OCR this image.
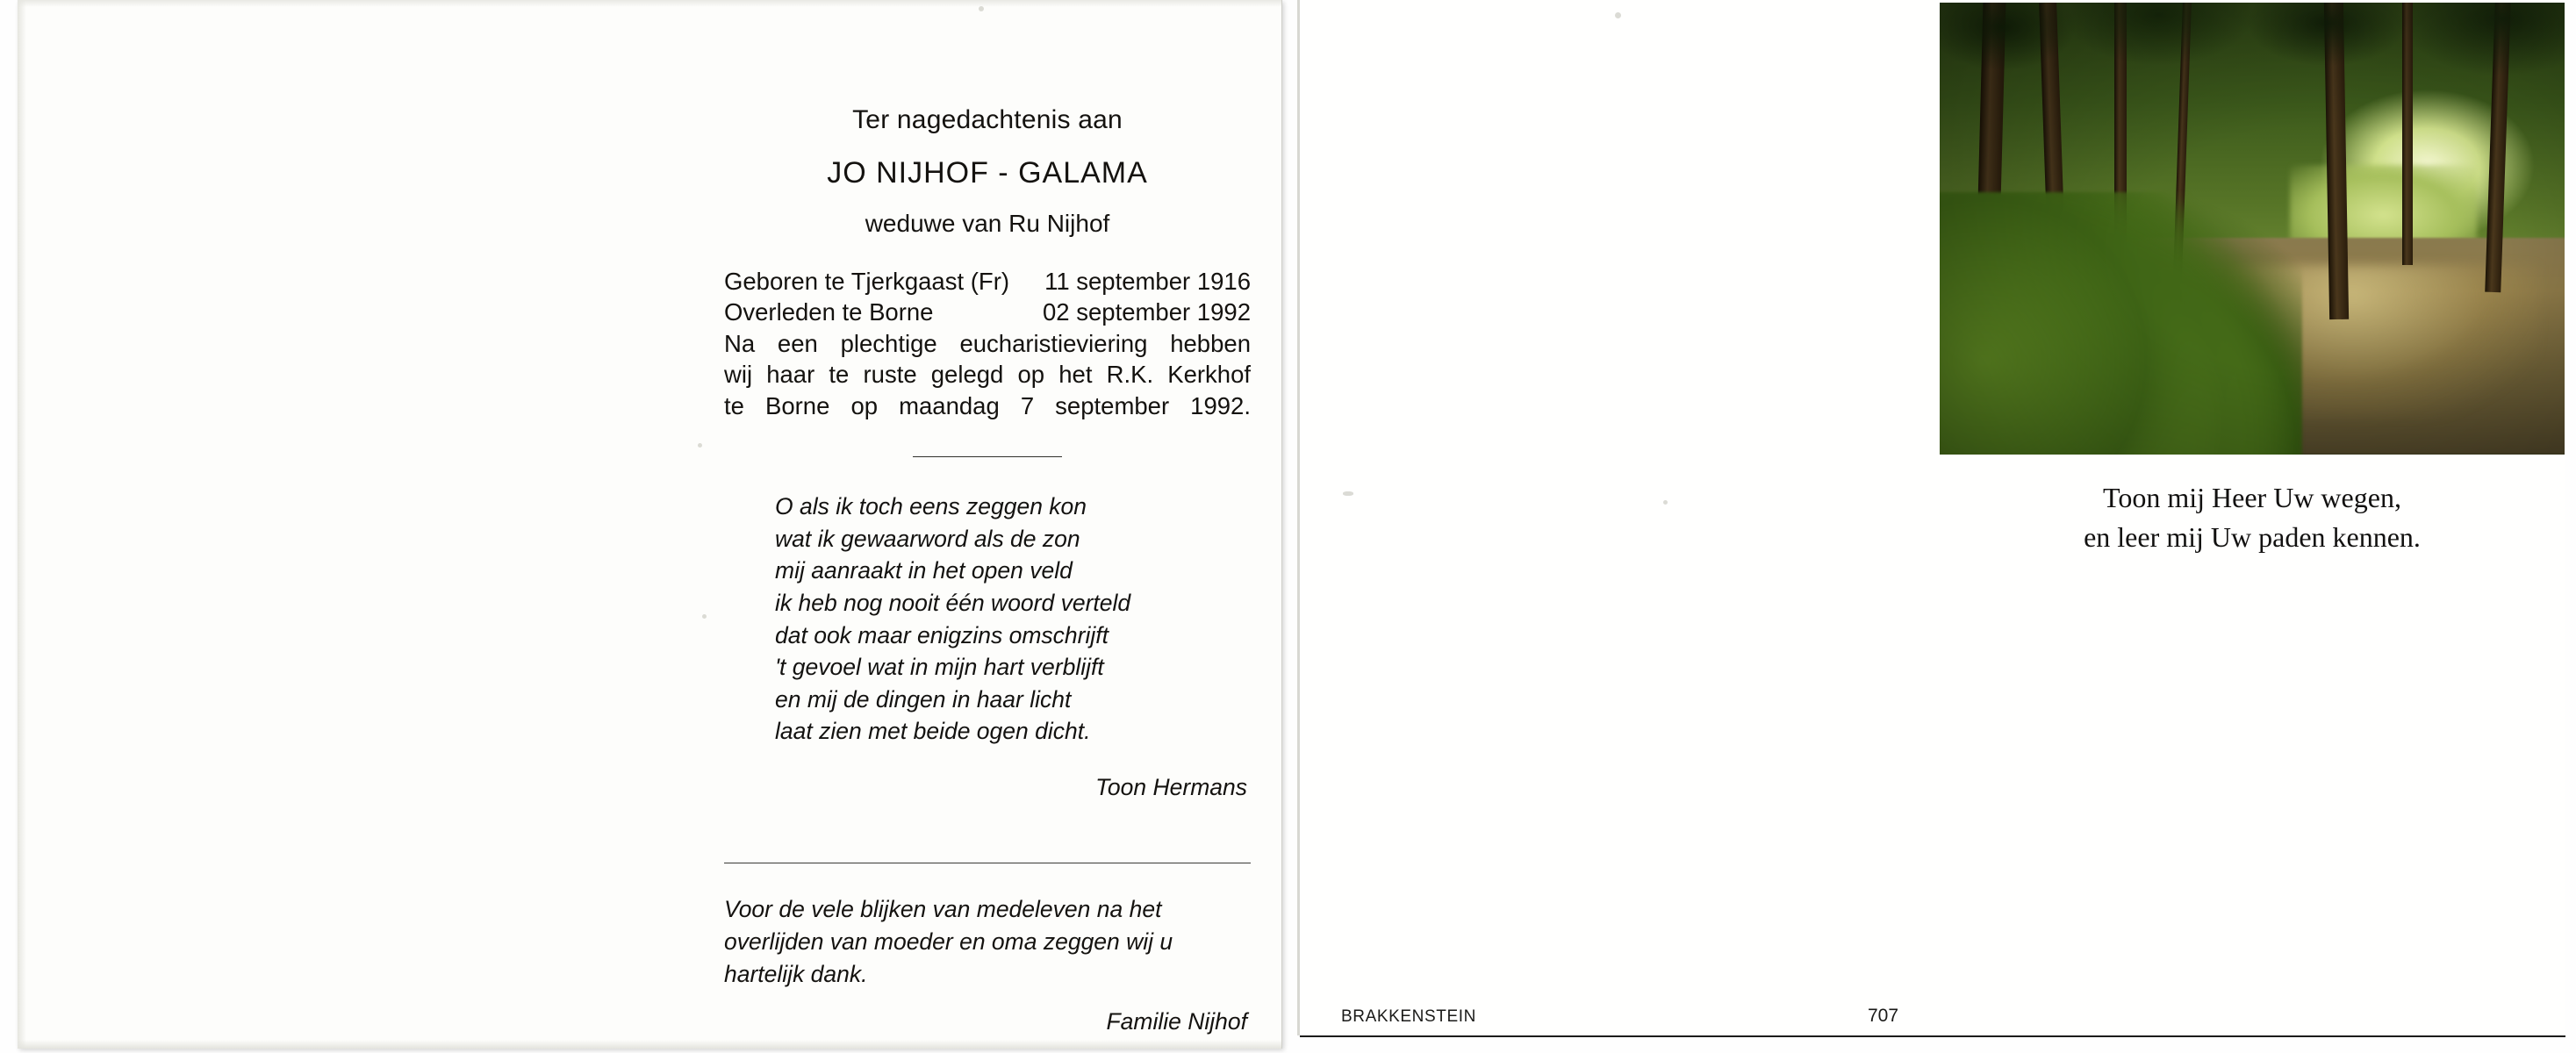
Ter nagedachtenis aan
JO NIJHOF - GALAMA
weduwe van Ru Nijhof
Geboren te Tjerkgaast (Fr) 11 september 1916
Overleden te Borne	02 september 1992

Na een plechtige eucharistieviering hebben

wij haar te ruste gelegd op het R.K. Kerkhof

te Borne op maandag 7 september 1992.

O als ik toch eens zeggen kon
wat ik gewaarword als de zon
mij aanraakt in het open veld
ik heb nog nooit één woord verteld
dat ook maar enigzins omschrijft
't gevoel wat in mijn hart verblijft
en mij de dingen in haar licht
laat zien met beide ogen dicht.
Toon Hermans
Voor de vele blijken van medeleven na het
overlijden van moeder en oma zeggen wij u
hartelijk dank.
Familie Nijhof
Toon mij Heer Uw wegen,
en leer mij Uw paden kennen.
BRAKKENSTEIN	707
